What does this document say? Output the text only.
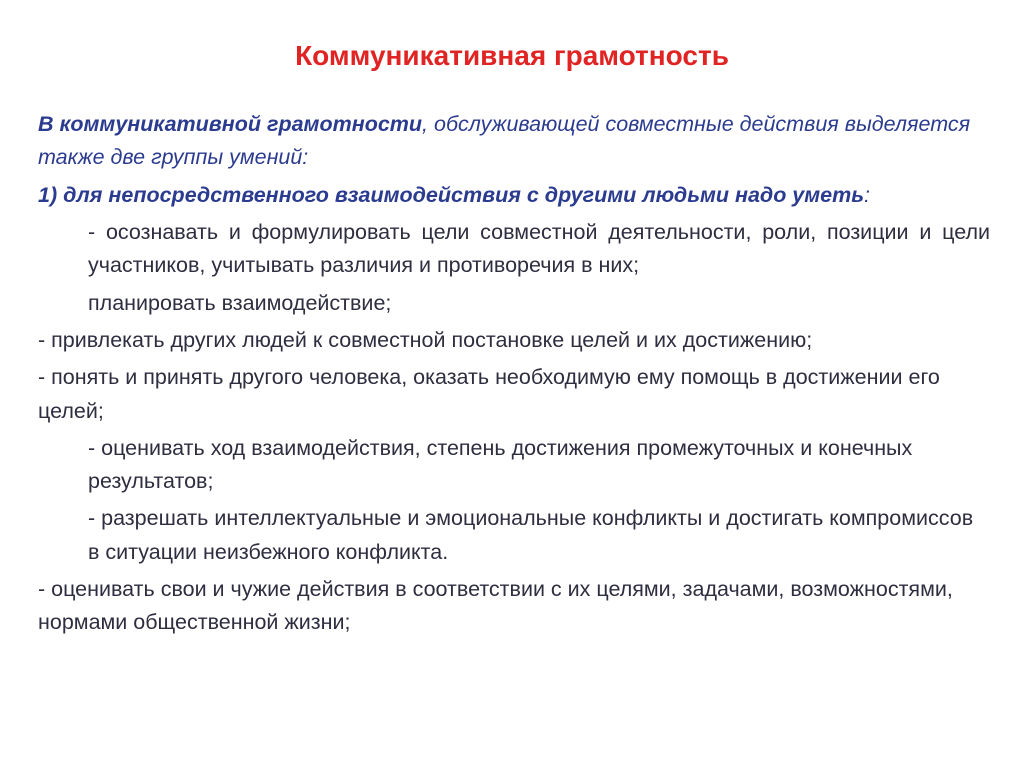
Коммуникативная грамотность

В коммуникативной грамотности, обслуживающей совместные действия выделяется также две группы умений:

1) для непосредственного взаимодействия с другими людьми надо уметь:

- осознавать и формулировать цели совместной деятельности, роли, позиции и цели участников, учитывать различия и противоречия в них;

планировать взаимодействие;

- привлекать других людей к совместной постановке целей и их достижению;

- понять и принять другого человека, оказать необходимую ему помощь в достижении его целей;

- оценивать ход взаимодействия, степень достижения промежуточных и конечных результатов;

- разрешать интеллектуальные и эмоциональные конфликты и достигать компромиссов в ситуации неизбежного конфликта.

- оценивать свои и чужие действия в соответствии с их целями, задачами, возможностями, нормами общественной жизни;
